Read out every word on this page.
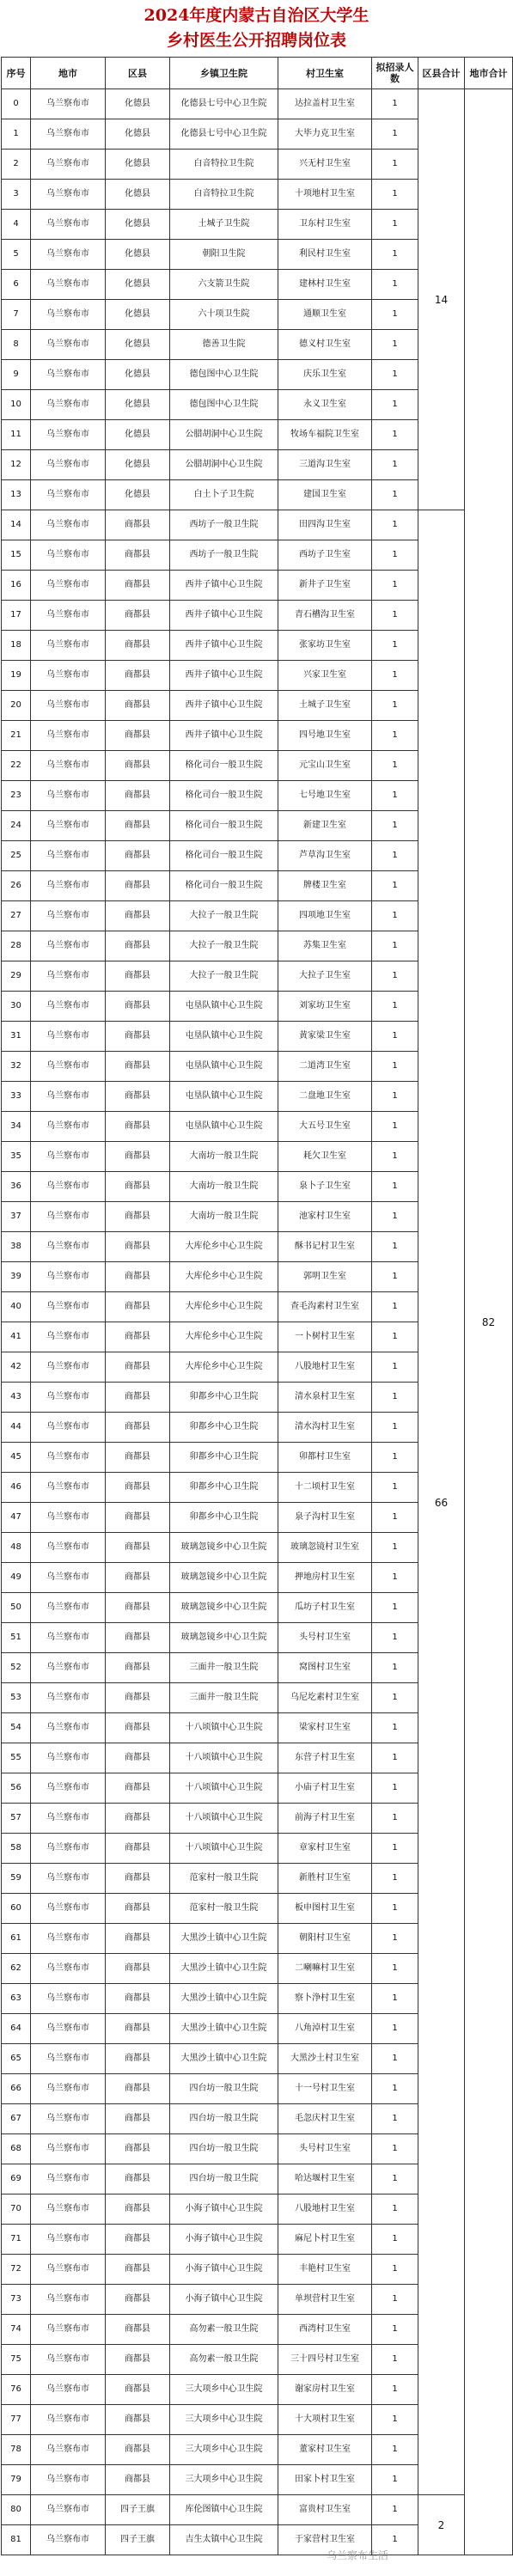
2024年度内蒙古自治区大学生
乡村医生公开招聘岗位表
序号	地市	区县	乡镇卫生院	村卫生室	拟招录人数	区县合计	地市合计
0	乌兰察布市	化德县	化德县七号中心卫生院	达拉盖村卫生室	1	14	82
1	乌兰察布市	化德县	化德县七号中心卫生院	大毕力克卫生室	1		
2	乌兰察布市	化德县	白音特拉卫生院	兴无村卫生室	1		
3	乌兰察布市	化德县	白音特拉卫生院	十项地村卫生室	1		
4	乌兰察布市	化德县	土城子卫生院	卫东村卫生室	1		
5	乌兰察布市	化德县	朝阳卫生院	利民村卫生室	1		
6	乌兰察布市	化德县	六支箭卫生院	建林村卫生室	1		
7	乌兰察布市	化德县	六十项卫生院	通顺卫生室	1		
8	乌兰察布市	化德县	德善卫生院	德义村卫生室	1		
9	乌兰察布市	化德县	德包图中心卫生院	庆乐卫生室	1		
10	乌兰察布市	化德县	德包图中心卫生院	永义卫生室	1		
11	乌兰察布市	化德县	公腊胡洞中心卫生院	牧场车福院卫生室	1		
12	乌兰察布市	化德县	公腊胡洞中心卫生院	三道沟卫生室	1		
13	乌兰察布市	化德县	白土卜子卫生院	建国卫生室	1		
14	乌兰察布市	商都县	西坊子一般卫生院	田四沟卫生室	1	66	
15	乌兰察布市	商都县	西坊子一般卫生院	西坊子卫生室	1		
16	乌兰察布市	商都县	西井子镇中心卫生院	新井子卫生室	1		
17	乌兰察布市	商都县	西井子镇中心卫生院	青石槽沟卫生室	1		
18	乌兰察布市	商都县	西井子镇中心卫生院	张家坊卫生室	1		
19	乌兰察布市	商都县	西井子镇中心卫生院	兴家卫生室	1		
20	乌兰察布市	商都县	西井子镇中心卫生院	土城子卫生室	1		
21	乌兰察布市	商都县	西井子镇中心卫生院	四号地卫生室	1		
22	乌兰察布市	商都县	格化司台一般卫生院	元宝山卫生室	1		
23	乌兰察布市	商都县	格化司台一般卫生院	七号地卫生室	1		
24	乌兰察布市	商都县	格化司台一般卫生院	新建卫生室	1		
25	乌兰察布市	商都县	格化司台一般卫生院	芦草沟卫生室	1		
26	乌兰察布市	商都县	格化司台一般卫生院	牌楼卫生室	1		
27	乌兰察布市	商都县	大拉子一般卫生院	四项地卫生室	1		
28	乌兰察布市	商都县	大拉子一般卫生院	苏集卫生室	1		
29	乌兰察布市	商都县	大拉子一般卫生院	大拉子卫生室	1		
30	乌兰察布市	商都县	屯垦队镇中心卫生院	刘家坊卫生室	1		
31	乌兰察布市	商都县	屯垦队镇中心卫生院	黄家梁卫生室	1		
32	乌兰察布市	商都县	屯垦队镇中心卫生院	二道湾卫生室	1		
33	乌兰察布市	商都县	屯垦队镇中心卫生院	二盘地卫生室	1		
34	乌兰察布市	商都县	屯垦队镇中心卫生院	大五号卫生室	1		
35	乌兰察布市	商都县	大南坊一般卫生院	耗欠卫生室	1		
36	乌兰察布市	商都县	大南坊一般卫生院	泉卜子卫生室	1		
37	乌兰察布市	商都县	大南坊一般卫生院	池家村卫生室	1		
38	乌兰察布市	商都县	大库伦乡中心卫生院	酥书记村卫生室	1		
39	乌兰察布市	商都县	大库伦乡中心卫生院	郭明卫生室	1		
40	乌兰察布市	商都县	大库伦乡中心卫生院	查毛沟素村卫生室	1		
41	乌兰察布市	商都县	大库伦乡中心卫生院	一卜树村卫生室	1		
42	乌兰察布市	商都县	大库伦乡中心卫生院	八股地村卫生室	1		
43	乌兰察布市	商都县	卯都乡中心卫生院	清水泉村卫生室	1		
44	乌兰察布市	商都县	卯都乡中心卫生院	清水沟村卫生室	1		
45	乌兰察布市	商都县	卯都乡中心卫生院	卯都村卫生室	1		
46	乌兰察布市	商都县	卯都乡中心卫生院	十二顷村卫生室	1		
47	乌兰察布市	商都县	卯都乡中心卫生院	泉子沟村卫生室	1		
48	乌兰察布市	商都县	玻璃忽镜乡中心卫生院	玻璃忽镜村卫生室	1		
49	乌兰察布市	商都县	玻璃忽镜乡中心卫生院	押地房村卫生室	1		
50	乌兰察布市	商都县	玻璃忽镜乡中心卫生院	瓜坊子村卫生室	1		
51	乌兰察布市	商都县	玻璃忽镜乡中心卫生院	头号村卫生室	1		
52	乌兰察布市	商都县	三面井一般卫生院	窝图村卫生室	1		
53	乌兰察布市	商都县	三面井一般卫生院	乌尼圪素村卫生室	1		
54	乌兰察布市	商都县	十八顷镇中心卫生院	梁家村卫生室	1		
55	乌兰察布市	商都县	十八顷镇中心卫生院	东营子村卫生室	1		
56	乌兰察布市	商都县	十八顷镇中心卫生院	小庙子村卫生室	1		
57	乌兰察布市	商都县	十八顷镇中心卫生院	前海子村卫生室	1		
58	乌兰察布市	商都县	十八顷镇中心卫生院	章家村卫生室	1		
59	乌兰察布市	商都县	范家村一般卫生院	新胜村卫生室	1		
60	乌兰察布市	商都县	范家村一般卫生院	板申图村卫生室	1		
61	乌兰察布市	商都县	大黑沙土镇中心卫生院	朝阳村卫生室	1		
62	乌兰察布市	商都县	大黑沙土镇中心卫生院	二喇嘛村卫生室	1		
63	乌兰察布市	商都县	大黑沙土镇中心卫生院	察卜浄村卫生室	1		
64	乌兰察布市	商都县	大黑沙土镇中心卫生院	八角淖村卫生室	1		
65	乌兰察布市	商都县	大黑沙土镇中心卫生院	大黑沙土村卫生室	1		
66	乌兰察布市	商都县	四台坊一般卫生院	十一号村卫生室	1		
67	乌兰察布市	商都县	四台坊一般卫生院	毛忽庆村卫生室	1		
68	乌兰察布市	商都县	四台坊一般卫生院	头号村卫生室	1		
69	乌兰察布市	商都县	四台坊一般卫生院	哈达堰村卫生室	1		
70	乌兰察布市	商都县	小海子镇中心卫生院	八股地村卫生室	1		
71	乌兰察布市	商都县	小海子镇中心卫生院	麻尼卜村卫生室	1		
72	乌兰察布市	商都县	小海子镇中心卫生院	丰艳村卫生室	1		
73	乌兰察布市	商都县	小海子镇中心卫生院	单坝营村卫生室	1		
74	乌兰察布市	商都县	高勿素一般卫生院	西湾村卫生室	1		
75	乌兰察布市	商都县	高勿素一般卫生院	三十四号村卫生室	1		
76	乌兰察布市	商都县	三大项乡中心卫生院	谢家房村卫生室	1		
77	乌兰察布市	商都县	三大项乡中心卫生院	十大项村卫生室	1		
78	乌兰察布市	商都县	三大项乡中心卫生院	董家村卫生室	1		
79	乌兰察布市	商都县	三大项乡中心卫生院	田家卜村卫生室	1		
80	乌兰察布市	四子王旗	库伦图镇中心卫生院	富贵村卫生室	1	2	
81	乌兰察布市	四子王旗	吉生太镇中心卫生院	于家营村卫生室	1		
乌兰察布生活
